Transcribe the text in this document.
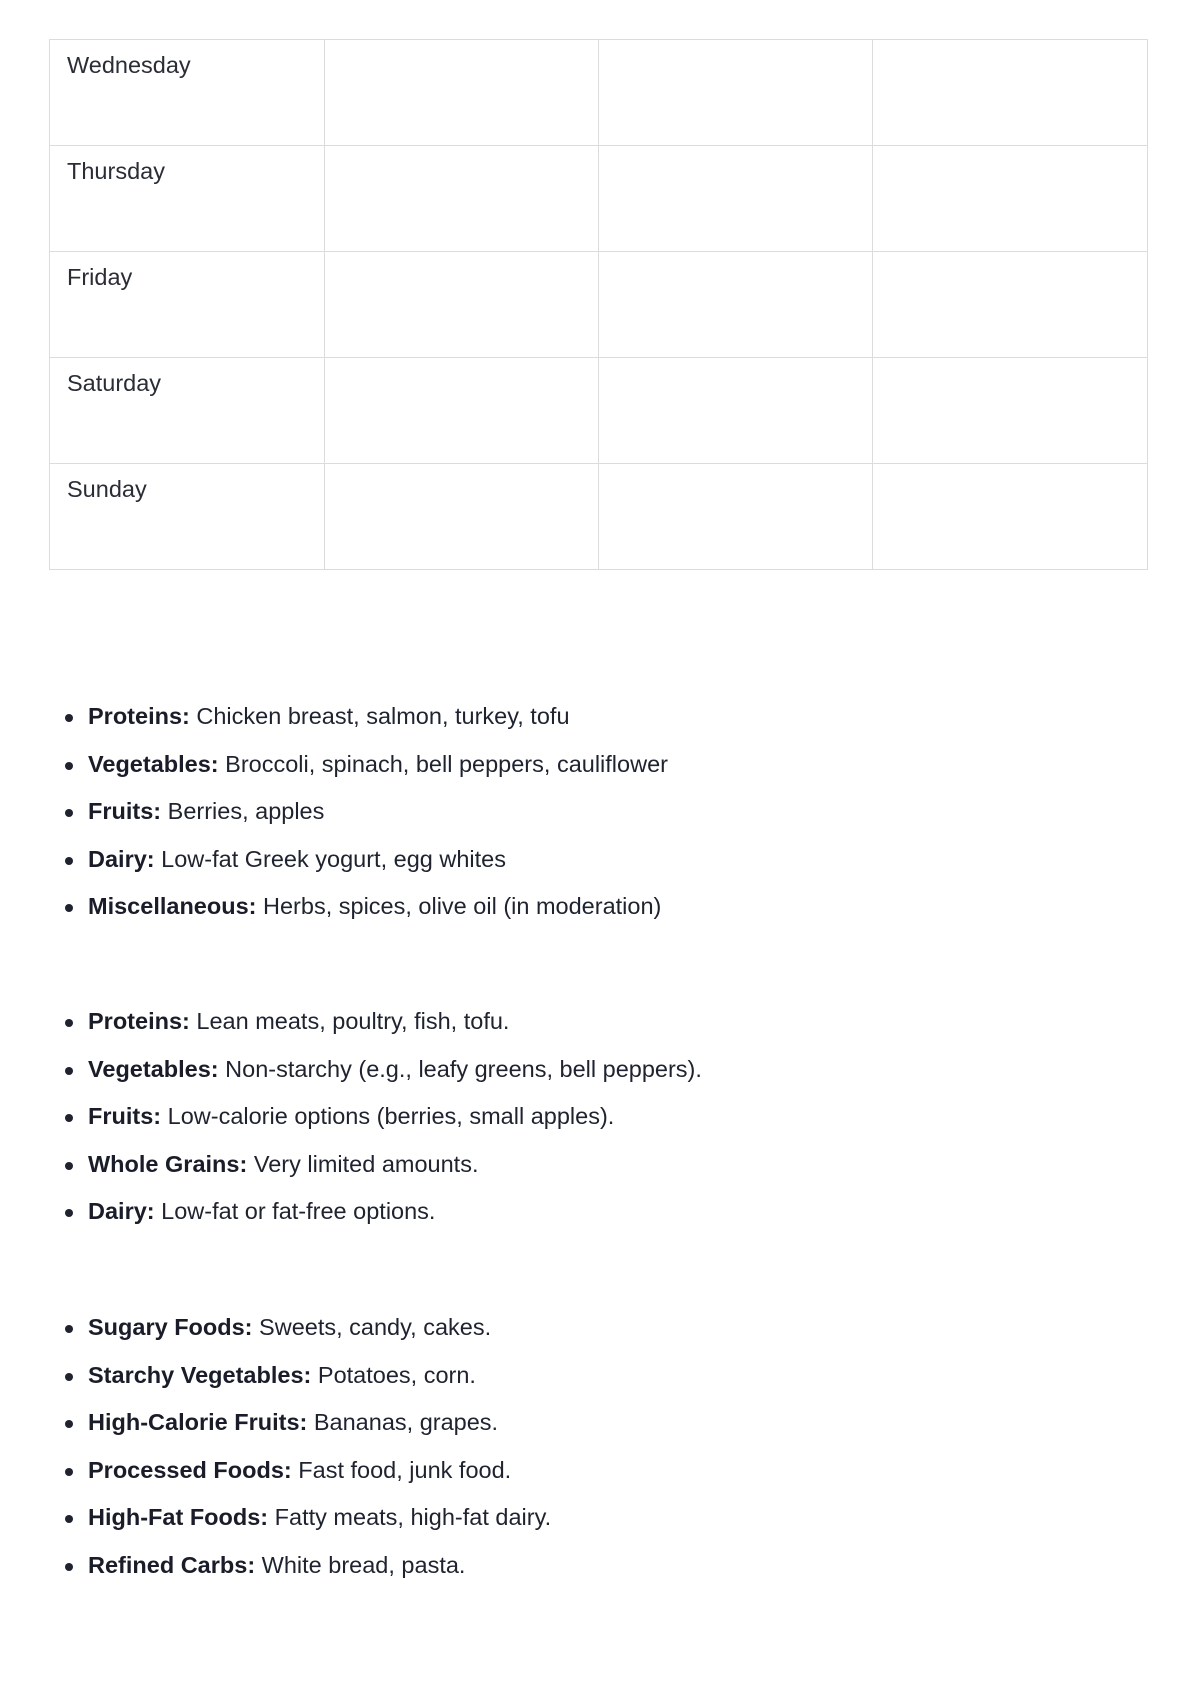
Wednesday			
Thursday			
Friday			
Saturday			
Sunday			
Proteins: Chicken breast, salmon, turkey, tofu
Vegetables: Broccoli, spinach, bell peppers, cauliflower
Fruits: Berries, apples
Dairy: Low-fat Greek yogurt, egg whites
Miscellaneous: Herbs, spices, olive oil (in moderation)
Proteins: Lean meats, poultry, fish, tofu.
Vegetables: Non-starchy (e.g., leafy greens, bell peppers).
Fruits: Low-calorie options (berries, small apples).
Whole Grains: Very limited amounts.
Dairy: Low-fat or fat-free options.
Sugary Foods: Sweets, candy, cakes.
Starchy Vegetables: Potatoes, corn.
High-Calorie Fruits: Bananas, grapes.
Processed Foods: Fast food, junk food.
High-Fat Foods: Fatty meats, high-fat dairy.
Refined Carbs: White bread, pasta.
